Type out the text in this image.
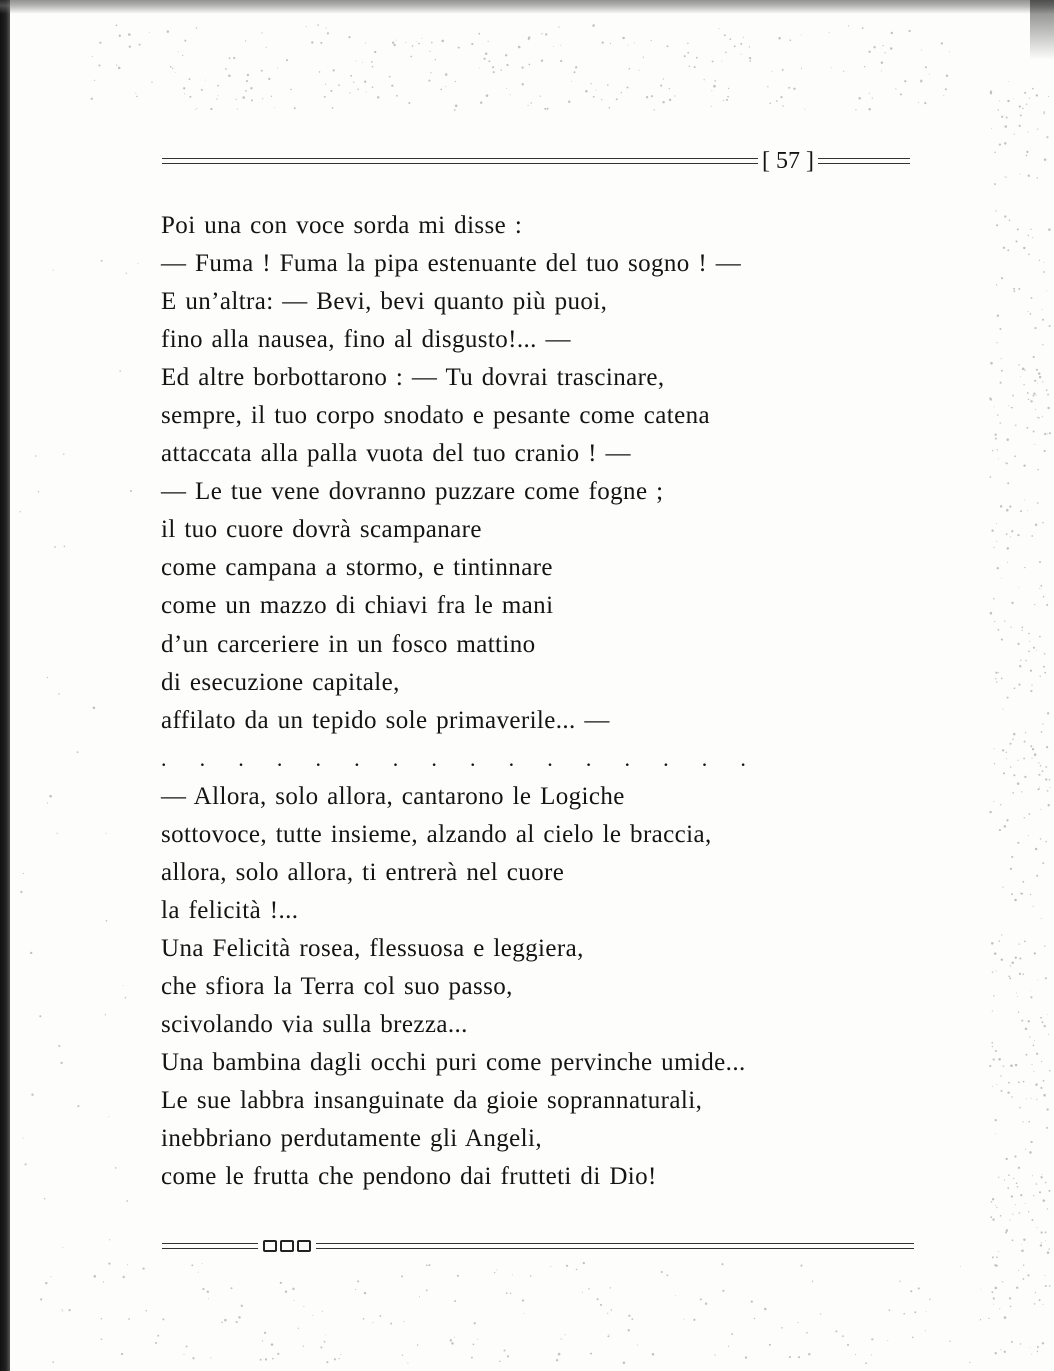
[ 57 ]
Poi una con voce sorda mi disse :
— Fuma ! Fuma la pipa estenuante del tuo sogno ! —
E un’altra: — Bevi, bevi quanto più puoi,
fino alla nausea, fino al disgusto!... —
Ed altre borbottarono : — Tu dovrai trascinare,
sempre, il tuo corpo snodato e pesante come catena
attaccata alla palla vuota del tuo cranio ! —
— Le tue vene dovranno puzzare come fogne ;
il tuo cuore dovrà scampanare
come campana a stormo, e tintinnare
come un mazzo di chiavi fra le mani
d’un carceriere in un fosco mattino
di esecuzione capitale,
affilato da un tepido sole primaverile... —
. . . . . . . . . . . . . . . .
— Allora, solo allora, cantarono le Logiche
sottovoce, tutte insieme, alzando al cielo le braccia,
allora, solo allora, ti entrerà nel cuore
la felicità !...
Una Felicità rosea, flessuosa e leggiera,
che sfiora la Terra col suo passo,
scivolando via sulla brezza...
Una bambina dagli occhi puri come pervinche umide...
Le sue labbra insanguinate da gioie soprannaturali,
inebbriano perdutamente gli Angeli,
come le frutta che pendono dai frutteti di Dio!
